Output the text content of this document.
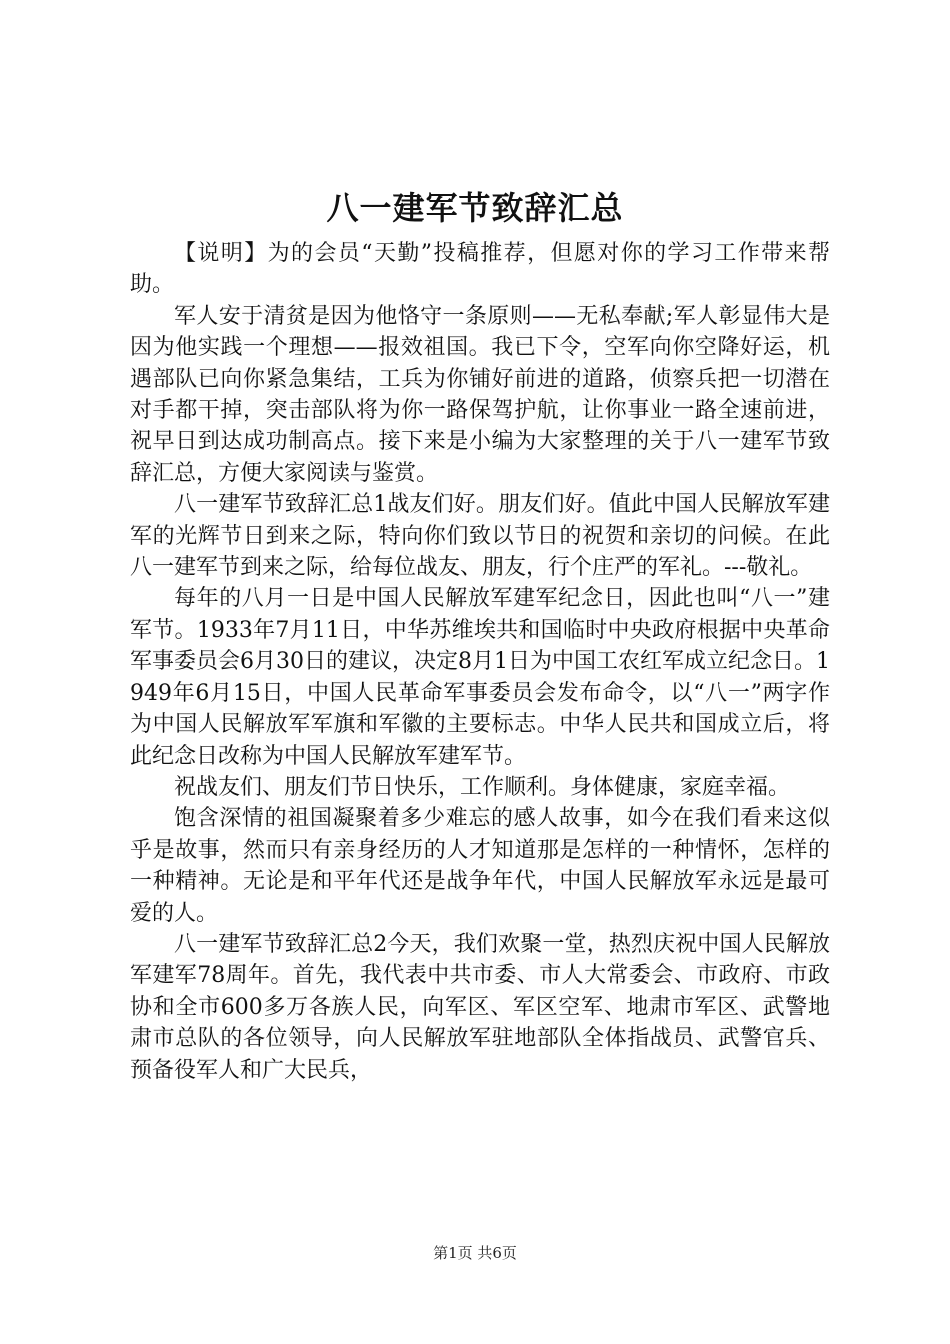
八一建军节致辞汇总

【说明】为的会员“天勤”投稿推荐，但愿对你的学习工作带来帮助。

军人安于清贫是因为他恪守一条原则——无私奉献;军人彰显伟大是因为他实践一个理想——报效祖国。我已下令，空军向你空降好运，机遇部队已向你紧急集结，工兵为你铺好前进的道路，侦察兵把一切潜在对手都干掉，突击部队将为你一路保驾护航，让你事业一路全速前进，祝早日到达成功制高点。接下来是小编为大家整理的关于八一建军节致辞汇总，方便大家阅读与鉴赏。

八一建军节致辞汇总1战友们好。朋友们好。值此中国人民解放军建军的光辉节日到来之际，特向你们致以节日的祝贺和亲切的问候。在此八一建军节到来之际，给每位战友、朋友，行个庄严的军礼。---敬礼。

每年的八月一日是中国人民解放军建军纪念日，因此也叫“八一”建军节。1933年7月11日，中华苏维埃共和国临时中央政府根据中央革命军事委员会6月30日的建议，决定8月1日为中国工农红军成立纪念日。1949年6月15日，中国人民革命军事委员会发布命令，以“八一”两字作为中国人民解放军军旗和军徽的主要标志。中华人民共和国成立后，将此纪念日改称为中国人民解放军建军节。

祝战友们、朋友们节日快乐，工作顺利。身体健康，家庭幸福。

饱含深情的祖国凝聚着多少难忘的感人故事，如今在我们看来这似乎是故事，然而只有亲身经历的人才知道那是怎样的一种情怀，怎样的一种精神。无论是和平年代还是战争年代，中国人民解放军永远是最可爱的人。

八一建军节致辞汇总2今天，我们欢聚一堂，热烈庆祝中国人民解放军建军78周年。首先，我代表中共市委、市人大常委会、市政府、市政协和全市600多万各族人民，向军区、军区空军、地肃市军区、武警地肃市总队的各位领导，向人民解放军驻地部队全体指战员、武警官兵、预备役军人和广大民兵，

第1页 共6页
